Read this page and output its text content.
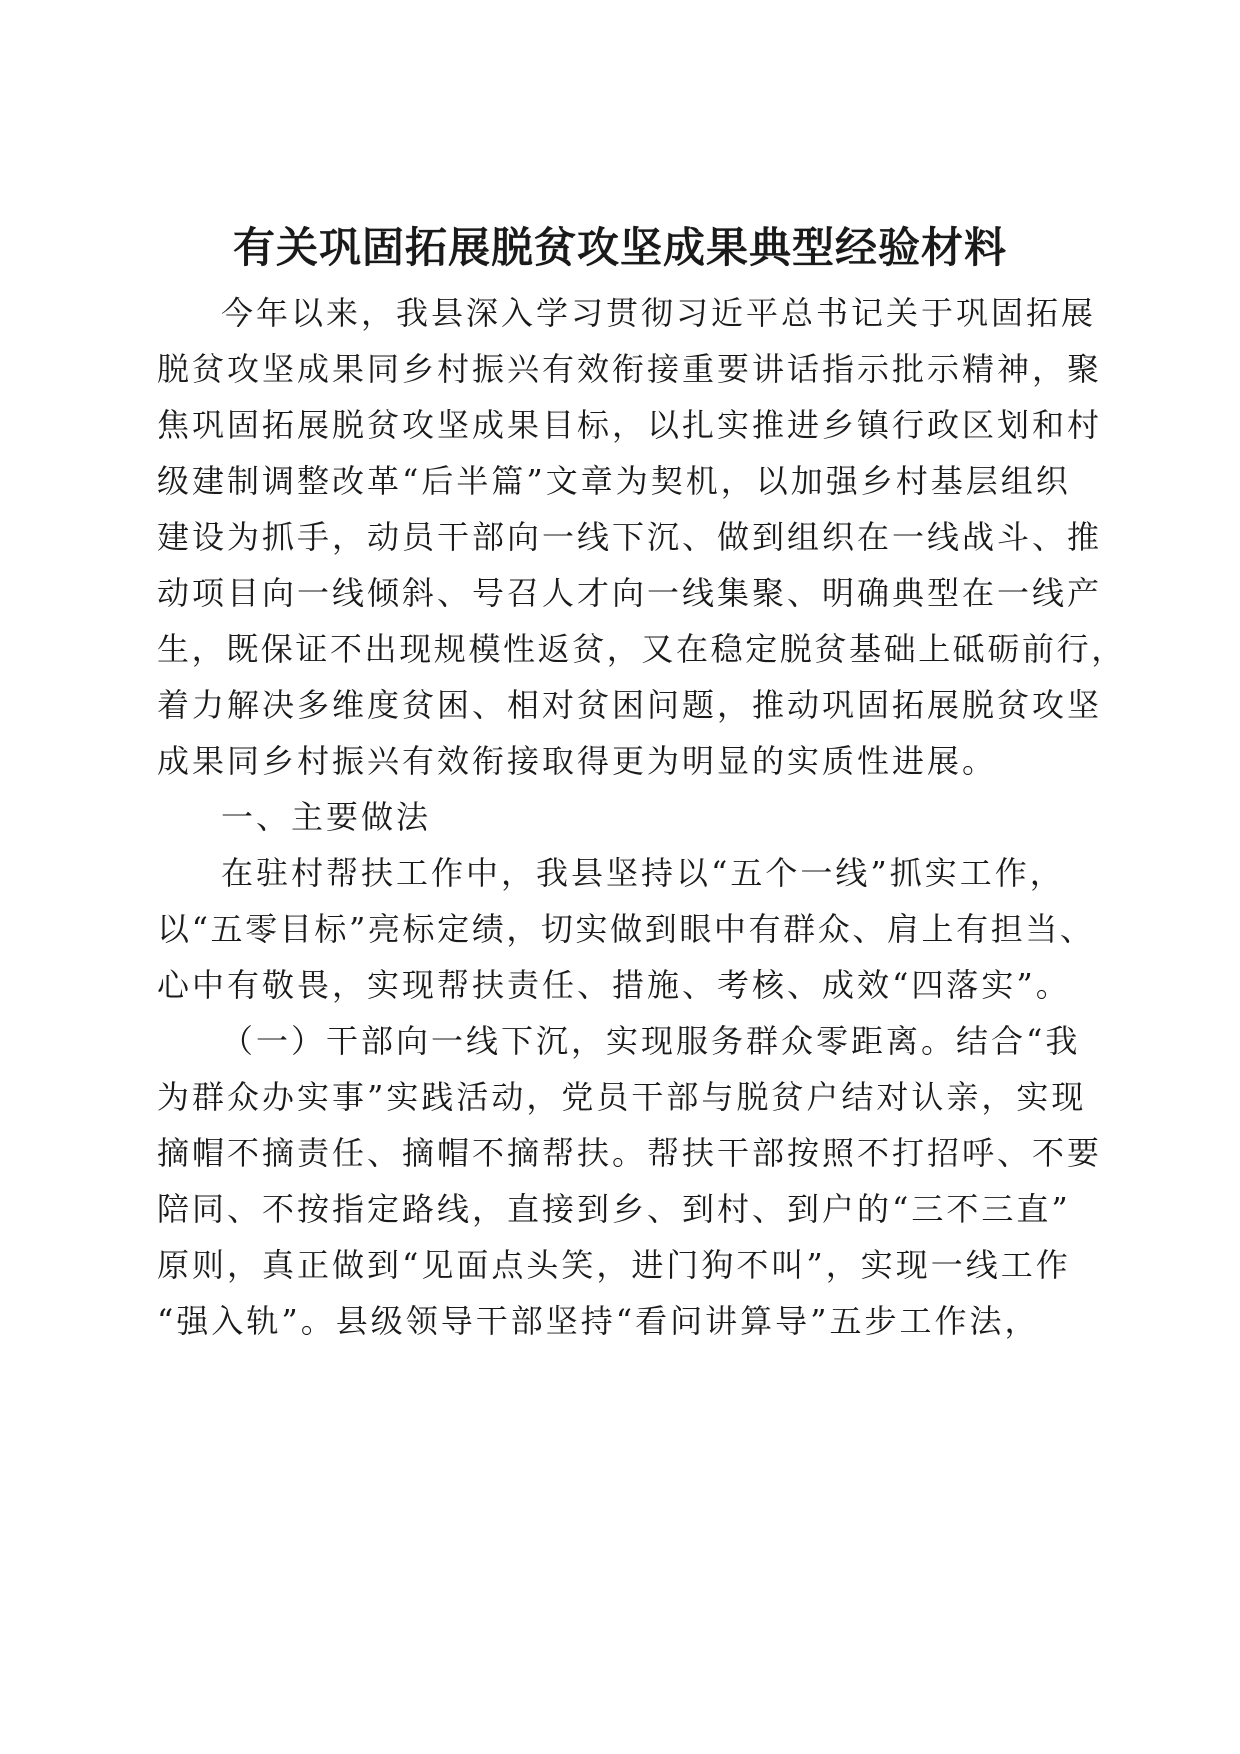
有关巩固拓展脱贫攻坚成果典型经验材料
今年以来，我县深入学习贯彻习近平总书记关于巩固拓展
脱贫攻坚成果同乡村振兴有效衔接重要讲话指示批示精神，聚
焦巩固拓展脱贫攻坚成果目标，以扎实推进乡镇行政区划和村
级建制调整改革“后半篇”文章为契机，以加强乡村基层组织
建设为抓手，动员干部向一线下沉、做到组织在一线战斗、推
动项目向一线倾斜、号召人才向一线集聚、明确典型在一线产
生，既保证不出现规模性返贫，又在稳定脱贫基础上砥砺前行，
着力解决多维度贫困、相对贫困问题，推动巩固拓展脱贫攻坚
成果同乡村振兴有效衔接取得更为明显的实质性进展。
一、主要做法
在驻村帮扶工作中，我县坚持以“五个一线”抓实工作，
以“五零目标”亮标定绩，切实做到眼中有群众、肩上有担当、
心中有敬畏，实现帮扶责任、措施、考核、成效“四落实”。
（一）干部向一线下沉，实现服务群众零距离。结合“我
为群众办实事”实践活动，党员干部与脱贫户结对认亲，实现
摘帽不摘责任、摘帽不摘帮扶。帮扶干部按照不打招呼、不要
陪同、不按指定路线，直接到乡、到村、到户的“三不三直”
原则，真正做到“见面点头笑，进门狗不叫”，实现一线工作
“强入轨”。县级领导干部坚持“看问讲算导”五步工作法，
